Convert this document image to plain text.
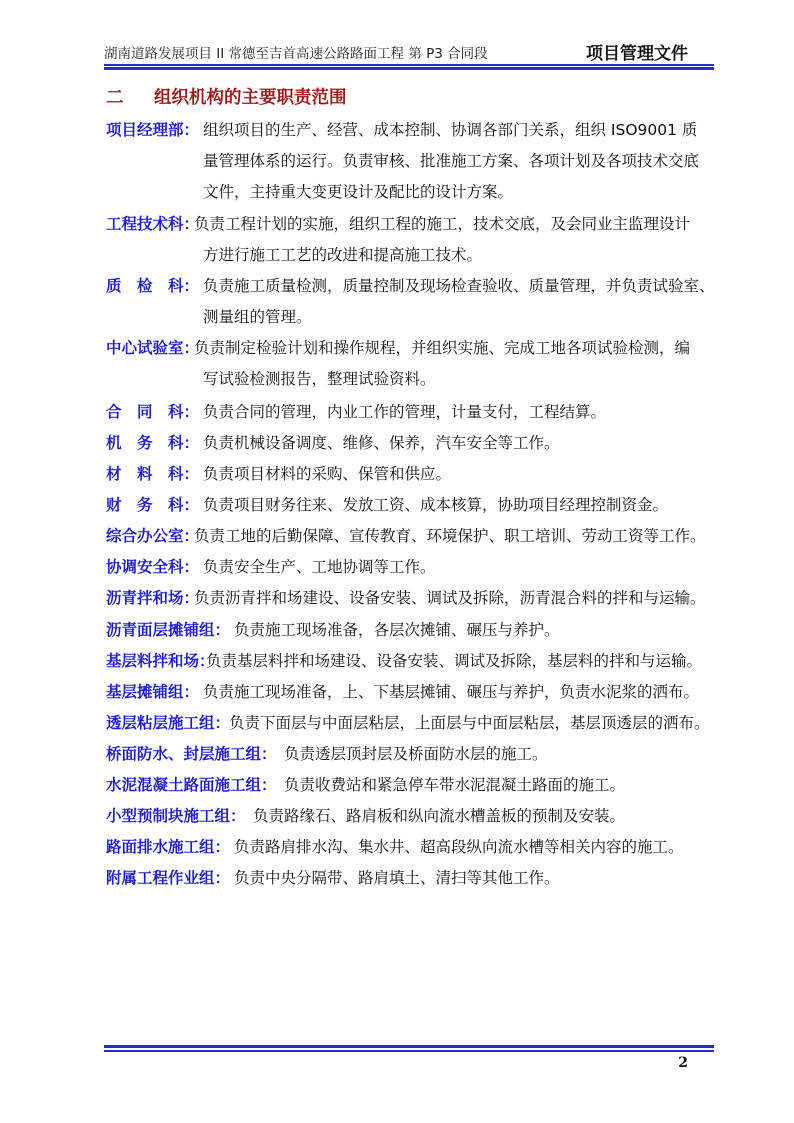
湖南道路发展项目 II 常德至吉首高速公路路面工程 第 P3 合同段	项目管理文件
二 组织机构的主要职责范围
项目经理部： 组织项目的生产、经营、成本控制、协调各部门关系，组织 ISO9001 质
量管理体系的运行。负责审核、批准施工方案、各项计划及各项技术交底
文件，主持重大变更设计及配比的设计方案。
工程技术科：
负责工程计划的实施，组织工程的施工，技术交底，及会同业主监理设计
方进行施工工艺的改进和提高施工技术。
质　检　科： 负责施工质量检测，质量控制及现场检查验收、质量管理，并负责试验室、
测量组的管理。
中心试验室：
负责制定检验计划和操作规程，并组织实施、完成工地各项试验检测，编
写试验检测报告，整理试验资料。
合　同　科： 负责合同的管理，内业工作的管理，计量支付，工程结算。
机　务　科： 负责机械设备调度、维修、保养，汽车安全等工作。
材　料　科： 负责项目材料的采购、保管和供应。
财　务　科： 负责项目财务往来、发放工资、成本核算，协助项目经理控制资金。
综合办公室：
负责工地的后勤保障、宣传教育、环境保护、职工培训、劳动工资等工作。
协调安全科： 负责安全生产、工地协调等工作。
沥青拌和场：
负责沥青拌和场建设、设备安装、调试及拆除，沥青混合料的拌和与运输。
沥青面层摊铺组： 负责施工现场准备，各层次摊铺、碾压与养护。
基层料拌和场：
负责基层料拌和场建设、设备安装、调试及拆除，基层料的拌和与运输。
基层摊铺组： 负责施工现场准备，上、下基层摊铺、碾压与养护，负责水泥浆的洒布。
透层粘层施工组：
负责下面层与中面层粘层，上面层与中面层粘层，基层顶透层的洒布。
桥面防水、封层施工组： 负责透层顶封层及桥面防水层的施工。
水泥混凝土路面施工组： 负责收费站和紧急停车带水泥混凝土路面的施工。
小型预制块施工组： 负责路缘石、路肩板和纵向流水槽盖板的预制及安装。
路面排水施工组： 负责路肩排水沟、集水井、超高段纵向流水槽等相关内容的施工。
附属工程作业组： 负责中央分隔带、路肩填土、清扫等其他工作。
2
